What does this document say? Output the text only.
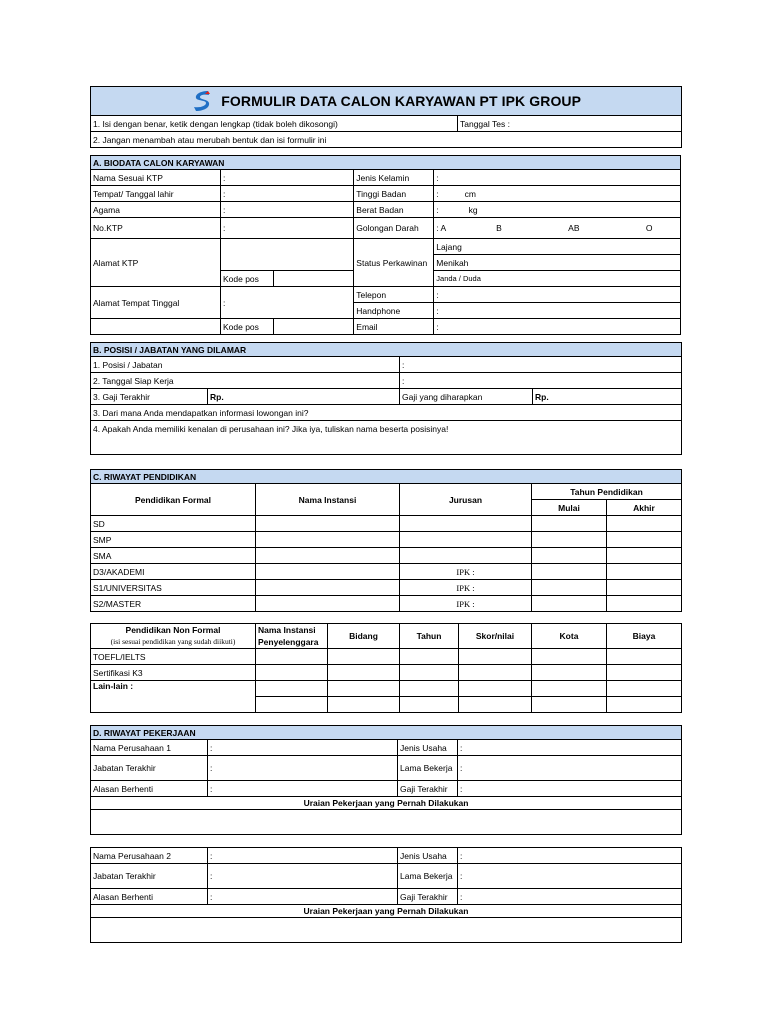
FORMULIR DATA CALON KARYAWAN PT IPK GROUP
1. Isi dengan benar, ketik dengan lengkap (tidak boleh dikosongi)	Tanggal Tes :
2. Jangan menambah atau merubah bentuk dan isi formulir ini
A. BIODATA CALON KARYAWAN				
Nama Sesuai KTP	:		Jenis Kelamin	:
Tempat/ Tanggal lahir	:		Tinggi Badan	: cm
Agama	:		Berat Badan	: kg
No.KTP	:		Golongan Darah	: A B AB O
Alamat KTP			Status Perkawinan	Lajang
				Menikah
	Kode pos			Janda / Duda
Alamat Tempat Tinggal	:		Telepon	:
			Handphone	:
	Kode pos		Email	:
B. POSISI / JABATAN YANG DILAMAR			
1. Posisi / Jabatan		:	
2. Tanggal Siap Kerja		:	
3. Gaji Terakhir	Rp.	Gaji yang diharapkan	Rp.
3. Dari mana Anda mendapatkan informasi lowongan ini?			
4. Apakah Anda memiliki kenalan di perusahaan ini? Jika iya, tuliskan nama beserta posisinya!			
C. RIWAYAT PENDIDIKAN				
Pendidikan Formal	Nama Instansi	Jurusan	Tahun Pendidikan	
			Mulai	Akhir
SD				
SMP				
SMA				
D3/AKADEMI		IPK :		
S1/UNIVERSITAS		IPK :		
S2/MASTER		IPK :		
Pendidikan Non Formal
(isi sesuai pendidikan yang sudah diikuti)	Nama Instansi Penyelenggara	Bidang	Tahun	Skor/nilai	Kota	Biaya
TOEFL/IELTS						
Sertifikasi K3						
Lain-lain :						

D. RIWAYAT PEKERJAAN			
Nama Perusahaan 1	:	Jenis Usaha	:
Jabatan Terakhir	:	Lama Bekerja	:
Alasan Berhenti	:	Gaji Terakhir	:
Uraian Pekerjaan yang Pernah Dilakukan			

Nama Perusahaan 2	:	Jenis Usaha	:
Jabatan Terakhir	:	Lama Bekerja	:
Alasan Berhenti	:	Gaji Terakhir	:
Uraian Pekerjaan yang Pernah Dilakukan			
